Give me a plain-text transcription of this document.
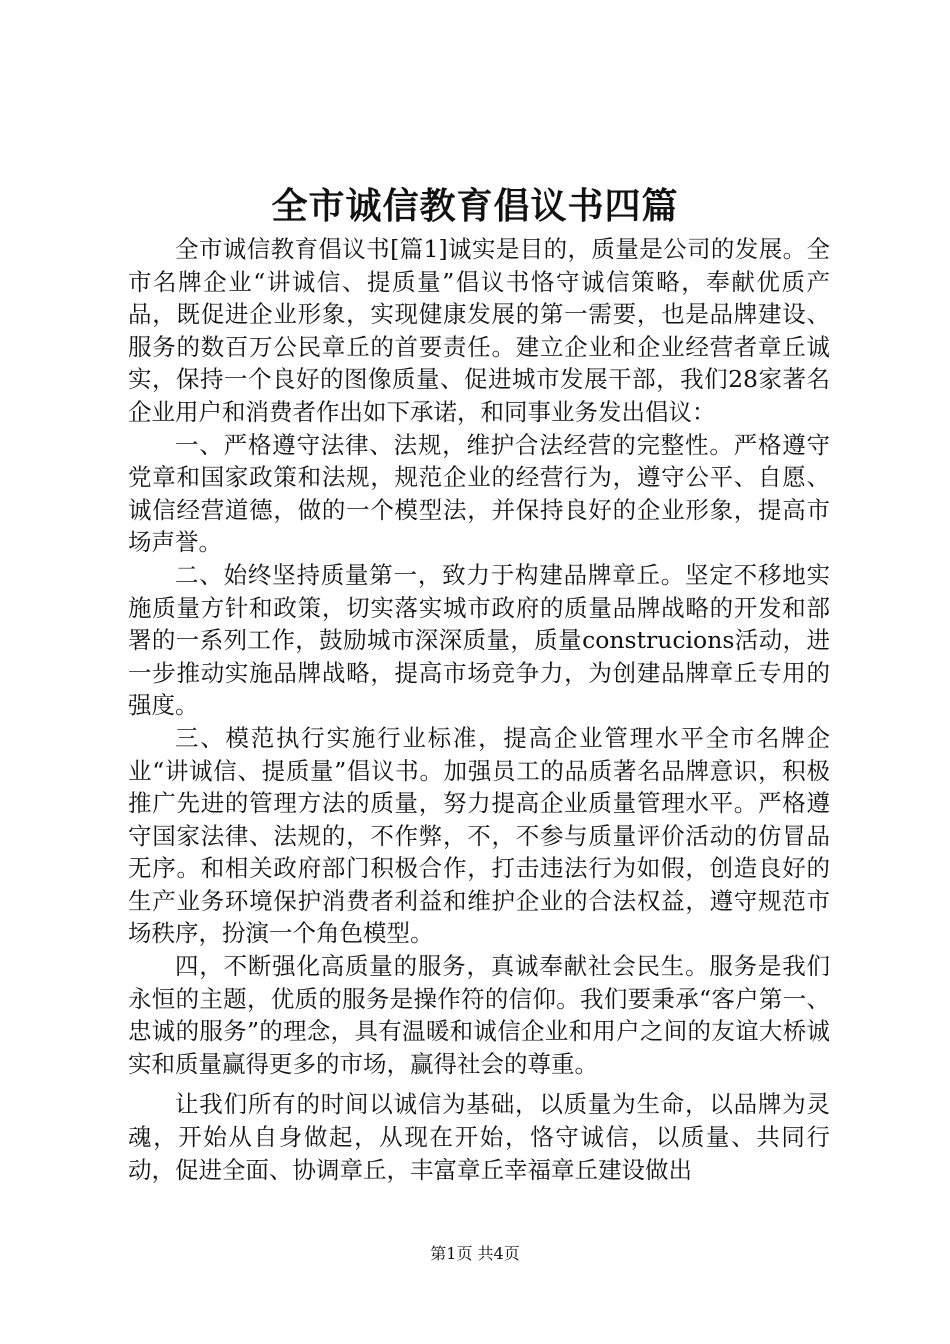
全市诚信教育倡议书四篇

全市诚信教育倡议书[篇1]诚实是目的，质量是公司的发展。全市名牌企业“讲诚信、提质量”倡议书恪守诚信策略，奉献优质产品，既促进企业形象，实现健康发展的第一需要，也是品牌建设、服务的数百万公民章丘的首要责任。建立企业和企业经营者章丘诚实，保持一个良好的图像质量、促进城市发展干部，我们28家著名企业用户和消费者作出如下承诺，和同事业务发出倡议：

一、严格遵守法律、法规，维护合法经营的完整性。严格遵守党章和国家政策和法规，规范企业的经营行为，遵守公平、自愿、诚信经营道德，做的一个模型法，并保持良好的企业形象，提高市场声誉。

二、始终坚持质量第一，致力于构建品牌章丘。坚定不移地实施质量方针和政策，切实落实城市政府的质量品牌战略的开发和部署的一系列工作，鼓励城市深深质量，质量construcions活动，进一步推动实施品牌战略，提高市场竞争力，为创建品牌章丘专用的强度。

三、模范执行实施行业标准，提高企业管理水平全市名牌企业“讲诚信、提质量”倡议书。加强员工的品质著名品牌意识，积极推广先进的管理方法的质量，努力提高企业质量管理水平。严格遵守国家法律、法规的，不作弊，不，不参与质量评价活动的仿冒品无序。和相关政府部门积极合作，打击违法行为如假，创造良好的生产业务环境保护消费者利益和维护企业的合法权益，遵守规范市场秩序，扮演一个角色模型。

四，不断强化高质量的服务，真诚奉献社会民生。服务是我们永恒的主题，优质的服务是操作符的信仰。我们要秉承“客户第一、忠诚的服务”的理念，具有温暖和诚信企业和用户之间的友谊大桥诚实和质量赢得更多的市场，赢得社会的尊重。

让我们所有的时间以诚信为基础，以质量为生命，以品牌为灵魂，开始从自身做起，从现在开始，恪守诚信，以质量、共同行动，促进全面、协调章丘，丰富章丘幸福章丘建设做出

第1页 共4页
